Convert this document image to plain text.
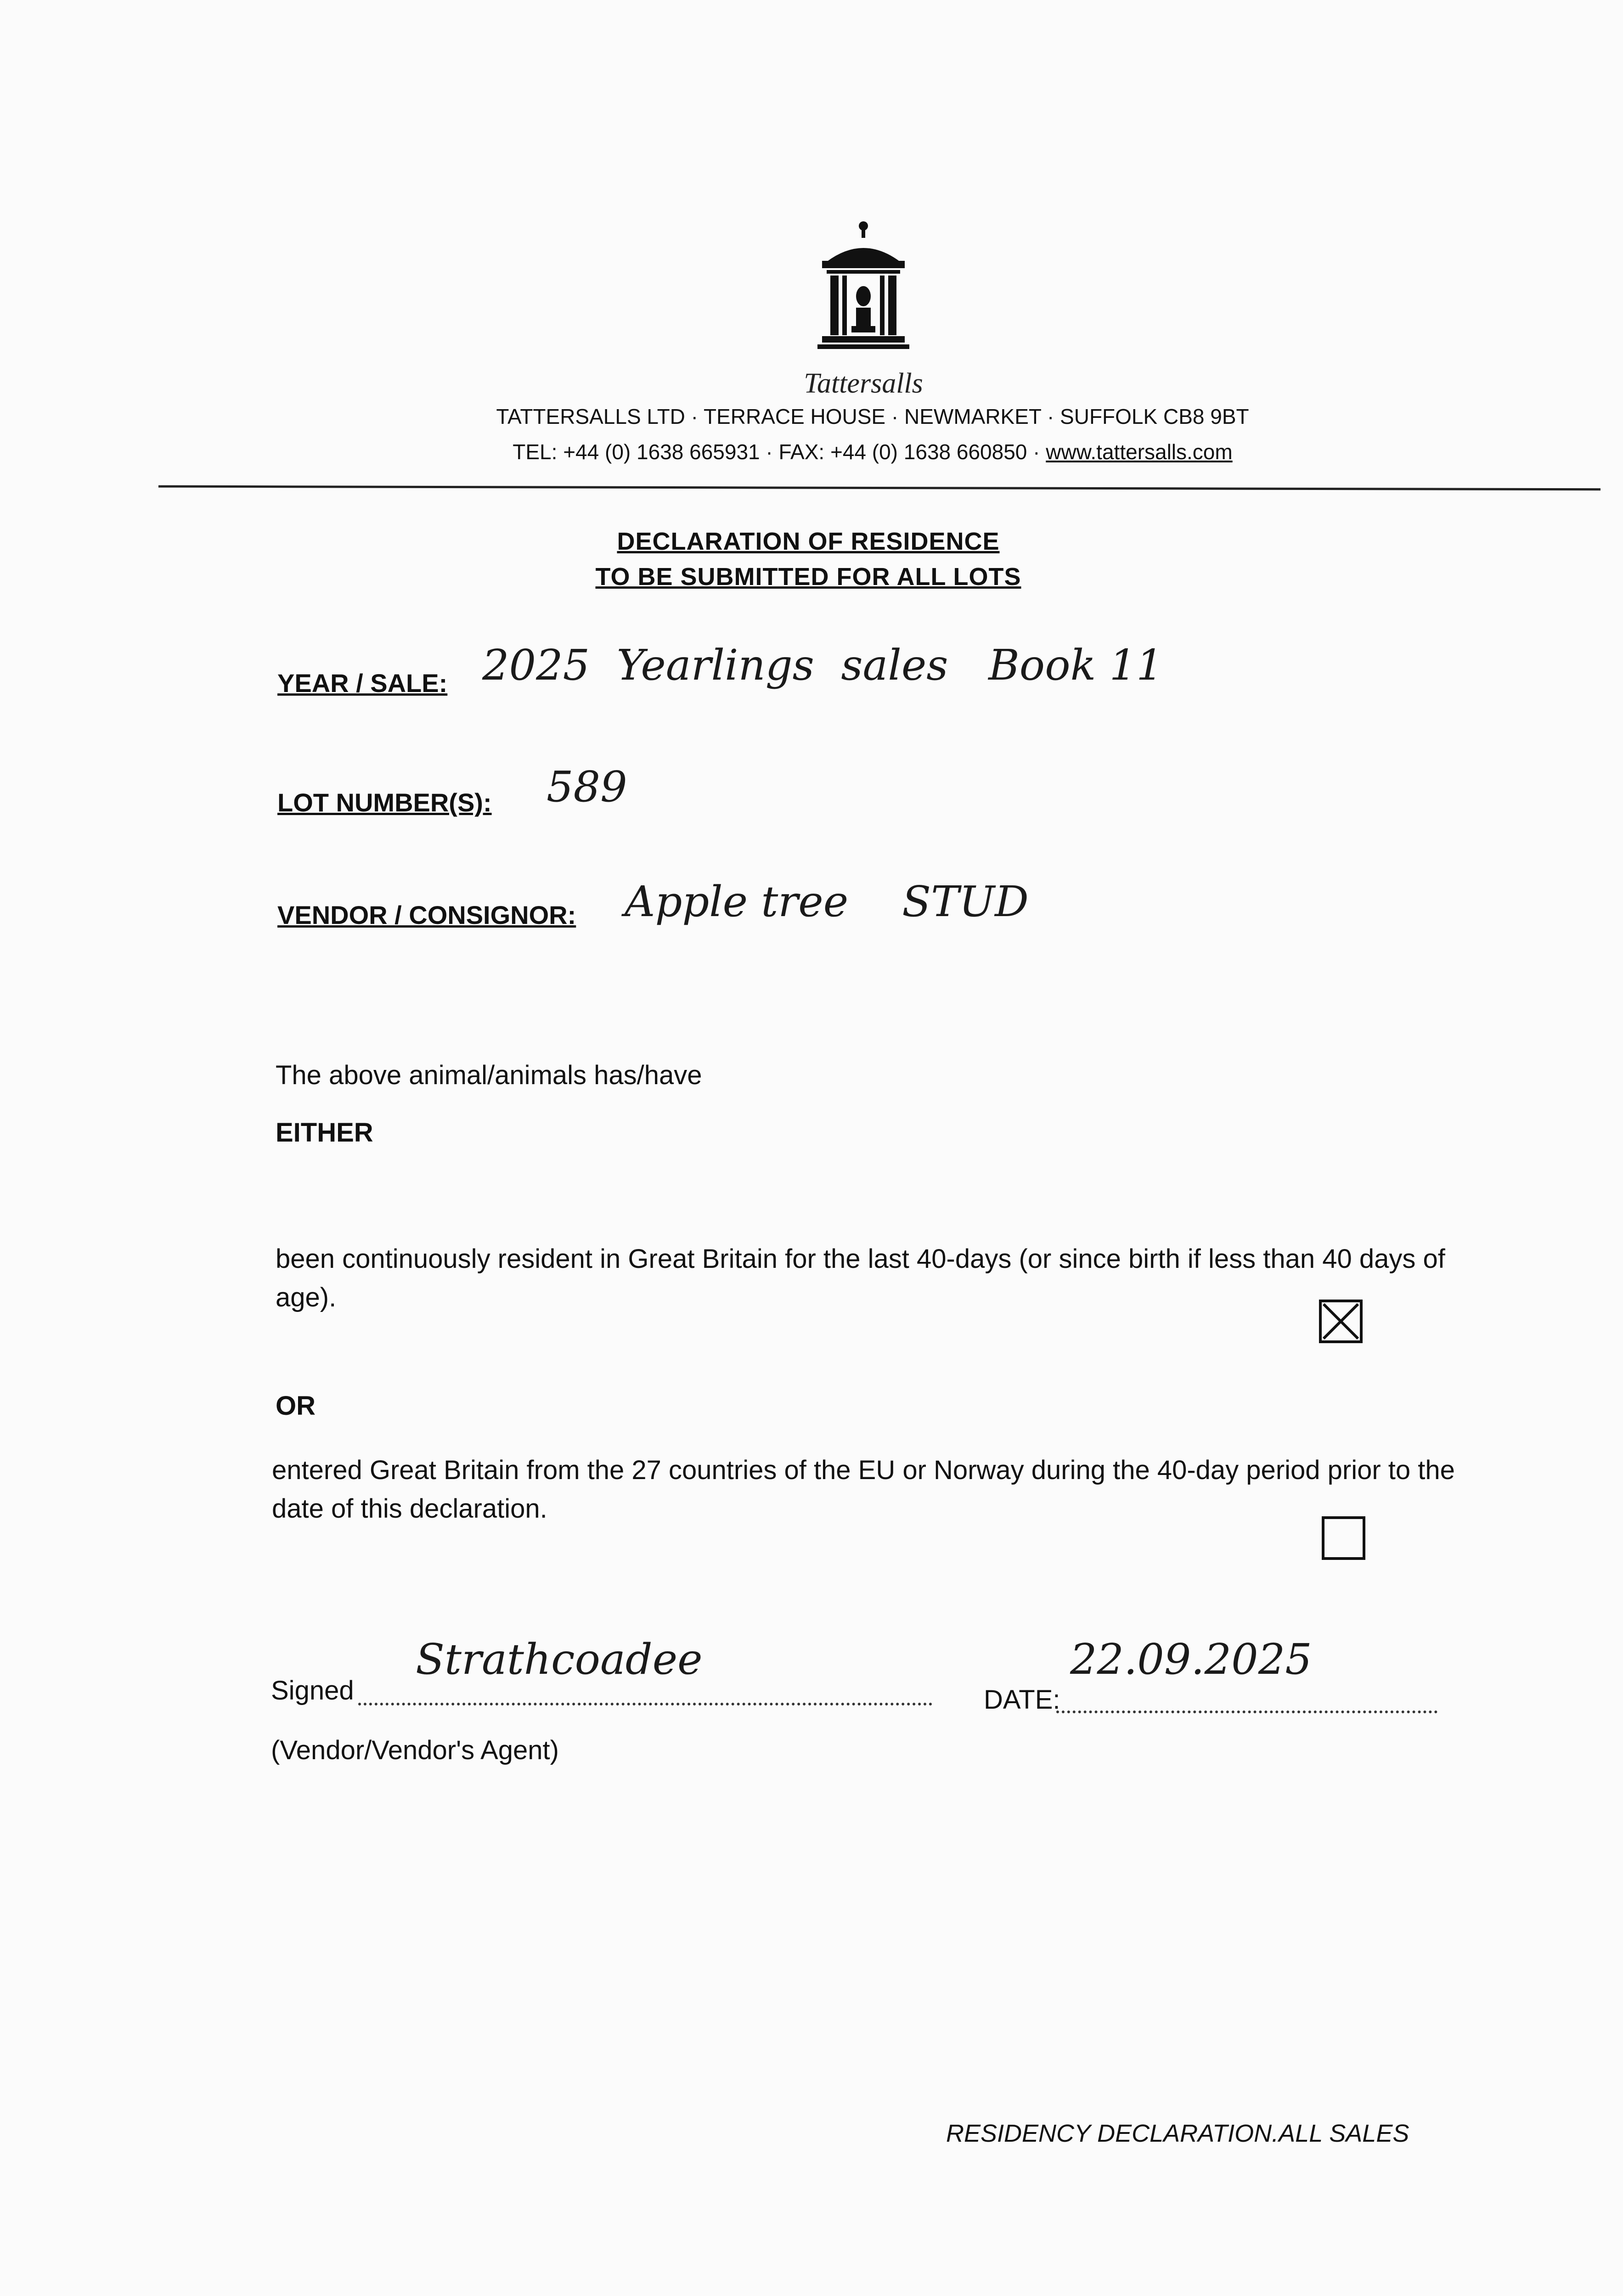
Tattersalls
TATTERSALLS LTD · TERRACE HOUSE · NEWMARKET · SUFFOLK CB8 9BT
TEL: +44 (0) 1638 665931 · FAX: +44 (0) 1638 660850 · www.tattersalls.com
DECLARATION OF RESIDENCE
TO BE SUBMITTED FOR ALL LOTS
YEAR / SALE: 2025  Yearlings  sales   Book 11
LOT NUMBER(S): 589
VENDOR / CONSIGNOR: Apple tree    STUD
The above animal/animals has/have
EITHER
been continuously resident in Great Britain for the last 40-days (or since birth if less than 40 days of age).
OR
entered Great Britain from the 27 countries of the EU or Norway during the 40-day period prior to the date of this declaration.
Signed
Strathcoadee
DATE:
22.09.2025
(Vendor/Vendor's Agent)
RESIDENCY DECLARATION.ALL SALES
